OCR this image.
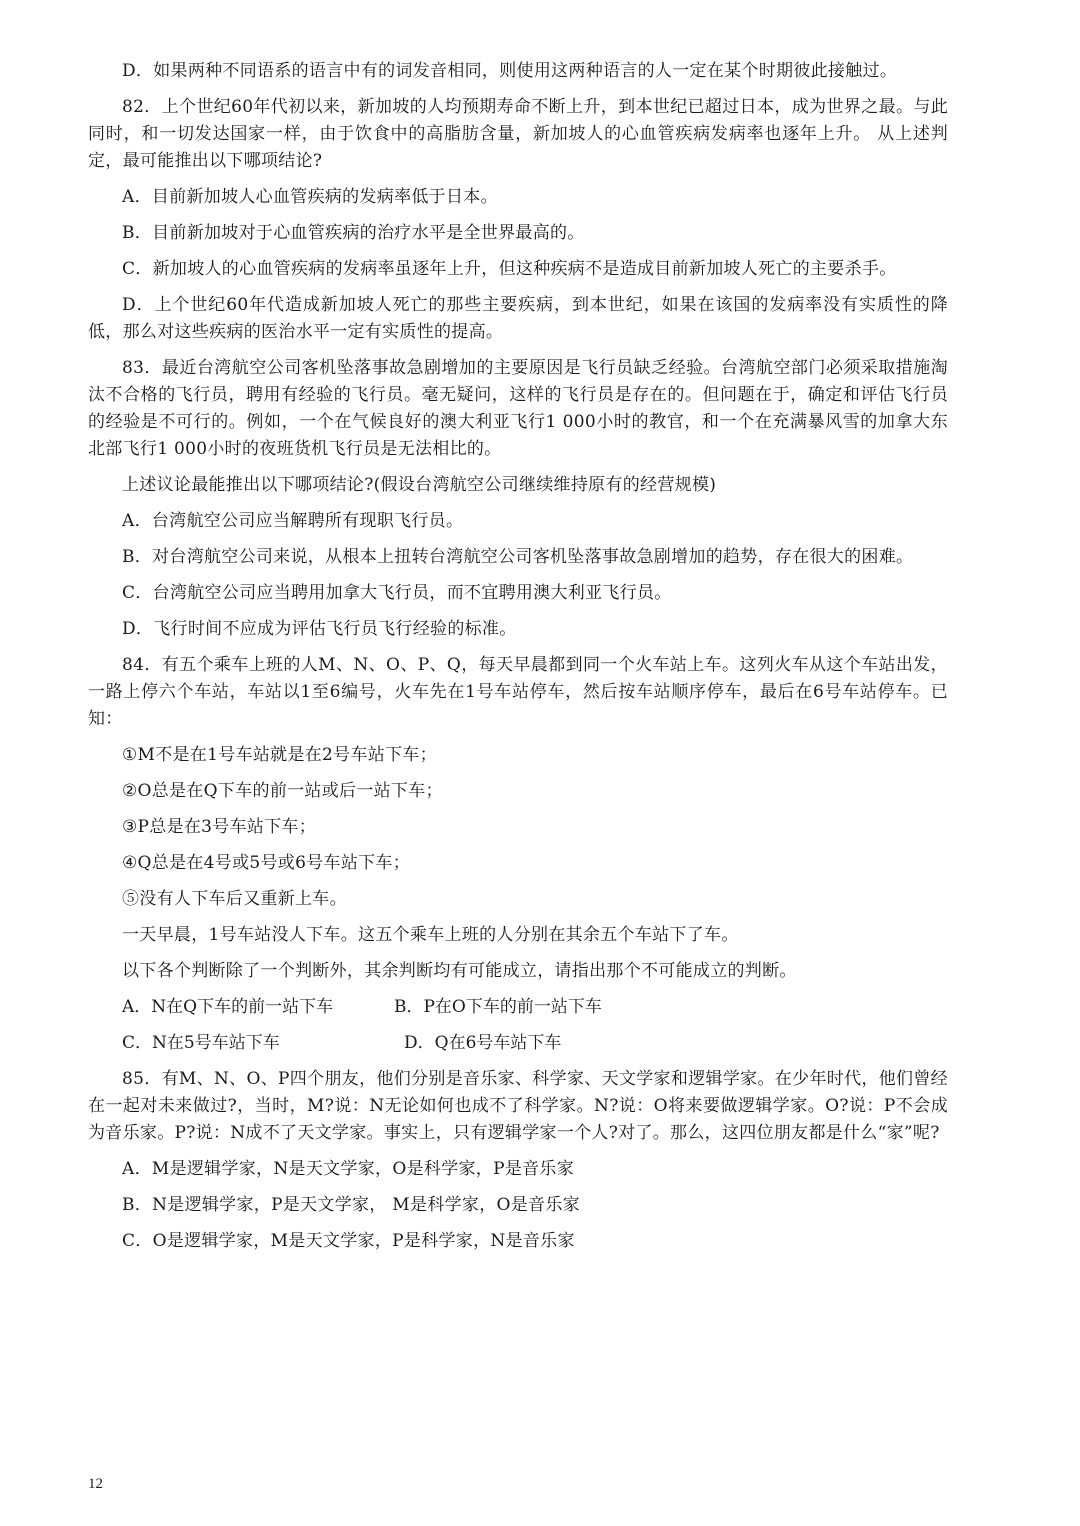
D．如果两种不同语系的语言中有的词发音相同，则使用这两种语言的人一定在某个时期彼此接触过。

82．上个世纪60年代初以来，新加坡的人均预期寿命不断上升，到本世纪已超过日本，成为世界之最。与此同时，和一切发达国家一样，由于饮食中的高脂肪含量，新加坡人的心血管疾病发病率也逐年上升。 从上述判定，最可能推出以下哪项结论?

A．目前新加坡人心血管疾病的发病率低于日本。

B．目前新加坡对于心血管疾病的治疗水平是全世界最高的。

C．新加坡人的心血管疾病的发病率虽逐年上升，但这种疾病不是造成目前新加坡人死亡的主要杀手。

D．上个世纪60年代造成新加坡人死亡的那些主要疾病，到本世纪，如果在该国的发病率没有实质性的降低，那么对这些疾病的医治水平一定有实质性的提高。

83．最近台湾航空公司客机坠落事故急剧增加的主要原因是飞行员缺乏经验。台湾航空部门必须采取措施淘汰不合格的飞行员，聘用有经验的飞行员。毫无疑问，这样的飞行员是存在的。但问题在于，确定和评估飞行员的经验是不可行的。例如，一个在气候良好的澳大利亚飞行1 000小时的教官，和一个在充满暴风雪的加拿大东北部飞行1 000小时的夜班货机飞行员是无法相比的。

上述议论最能推出以下哪项结论?(假设台湾航空公司继续维持原有的经营规模)

A．台湾航空公司应当解聘所有现职飞行员。

B．对台湾航空公司来说，从根本上扭转台湾航空公司客机坠落事故急剧增加的趋势，存在很大的困难。

C．台湾航空公司应当聘用加拿大飞行员，而不宜聘用澳大利亚飞行员。

D．飞行时间不应成为评估飞行员飞行经验的标准。

84．有五个乘车上班的人M、N、O、P、Q，每天早晨都到同一个火车站上车。这列火车从这个车站出发，一路上停六个车站，车站以1至6编号，火车先在1号车站停车，然后按车站顺序停车，最后在6号车站停车。已知：

①M不是在1号车站就是在2号车站下车；

②O总是在Q下车的前一站或后一站下车；

③P总是在3号车站下车；

④Q总是在4号或5号或6号车站下车；

⑤没有人下车后又重新上车。

一天早晨，1号车站没人下车。这五个乘车上班的人分别在其余五个车站下了车。

以下各个判断除了一个判断外，其余判断均有可能成立，请指出那个不可能成立的判断。

A．N在Q下车的前一站下车	B．P在O下车的前一站下车
C．N在5号车站下车	D．Q在6号车站下车

85．有M、N、O、P四个朋友，他们分别是音乐家、科学家、天文学家和逻辑学家。在少年时代，他们曾经在一起对未来做过?，当时，M?说：N无论如何也成不了科学家。N?说：O将来要做逻辑学家。O?说：P不会成为音乐家。P?说：N成不了天文学家。事实上，只有逻辑学家一个人?对了。那么，这四位朋友都是什么“家”呢?

A．M是逻辑学家，N是天文学家，O是科学家，P是音乐家

B．N是逻辑学家，P是天文学家， M是科学家，O是音乐家

C．O是逻辑学家，M是天文学家，P是科学家，N是音乐家

12
